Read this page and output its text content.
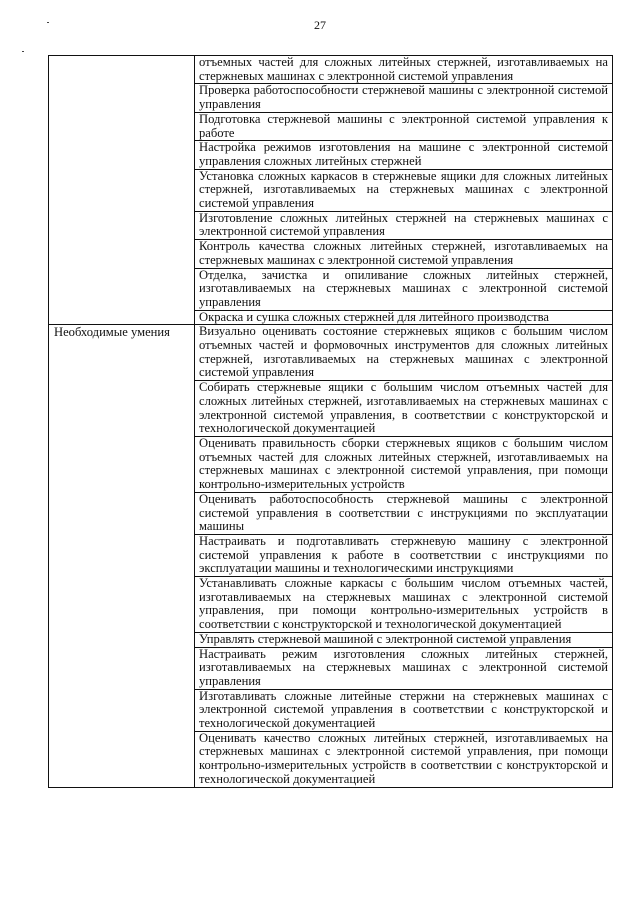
27
	отъемных частей для сложных литейных стержней, изготавливаемых на стержневых машинах с электронной системой управления
	Проверка работоспособности стержневой машины с электронной системой управления
	Подготовка стержневой машины с электронной системой управления к работе
	Настройка режимов изготовления на машине с электронной системой управления сложных литейных стержней
	Установка сложных каркасов в стержневые ящики для сложных литейных стержней, изготавливаемых на стержневых машинах с электронной системой управления
	Изготовление сложных литейных стержней на стержневых машинах с электронной системой управления
	Контроль качества сложных литейных стержней, изготавливаемых на стержневых машинах с электронной системой управления
	Отделка, зачистка и опиливание сложных литейных стержней, изготавливаемых на стержневых машинах с электронной системой управления
	Окраска и сушка сложных стержней для литейного производства
Необходимые умения	Визуально оценивать состояние стержневых ящиков с большим числом отъемных частей и формовочных инструментов для сложных литейных стержней, изготавливаемых на стержневых машинах с электронной системой управления
	Собирать стержневые ящики с большим числом отъемных частей для сложных литейных стержней, изготавливаемых на стержневых машинах с электронной системой управления, в соответствии с конструкторской и технологической документацией
	Оценивать правильность сборки стержневых ящиков с большим числом отъемных частей для сложных литейных стержней, изготавливаемых на стержневых машинах с электронной системой управления, при помощи контрольно-измерительных устройств
	Оценивать работоспособность стержневой машины с электронной системой управления в соответствии с инструкциями по эксплуатации машины
	Настраивать и подготавливать стержневую машину с электронной системой управления к работе в соответствии с инструкциями по эксплуатации машины и технологическими инструкциями
	Устанавливать сложные каркасы с большим числом отъемных частей, изготавливаемых на стержневых машинах с электронной системой управления, при помощи контрольно-измерительных устройств в соответствии с конструкторской и технологической документацией
	Управлять стержневой машиной с электронной системой управления
	Настраивать режим изготовления сложных литейных стержней, изготавливаемых на стержневых машинах с электронной системой управления
	Изготавливать сложные литейные стержни на стержневых машинах с электронной системой управления в соответствии с конструкторской и технологической документацией
	Оценивать качество сложных литейных стержней, изготавливаемых на стержневых машинах с электронной системой управления, при помощи контрольно-измерительных устройств в соответствии с конструкторской и технологической документацией
